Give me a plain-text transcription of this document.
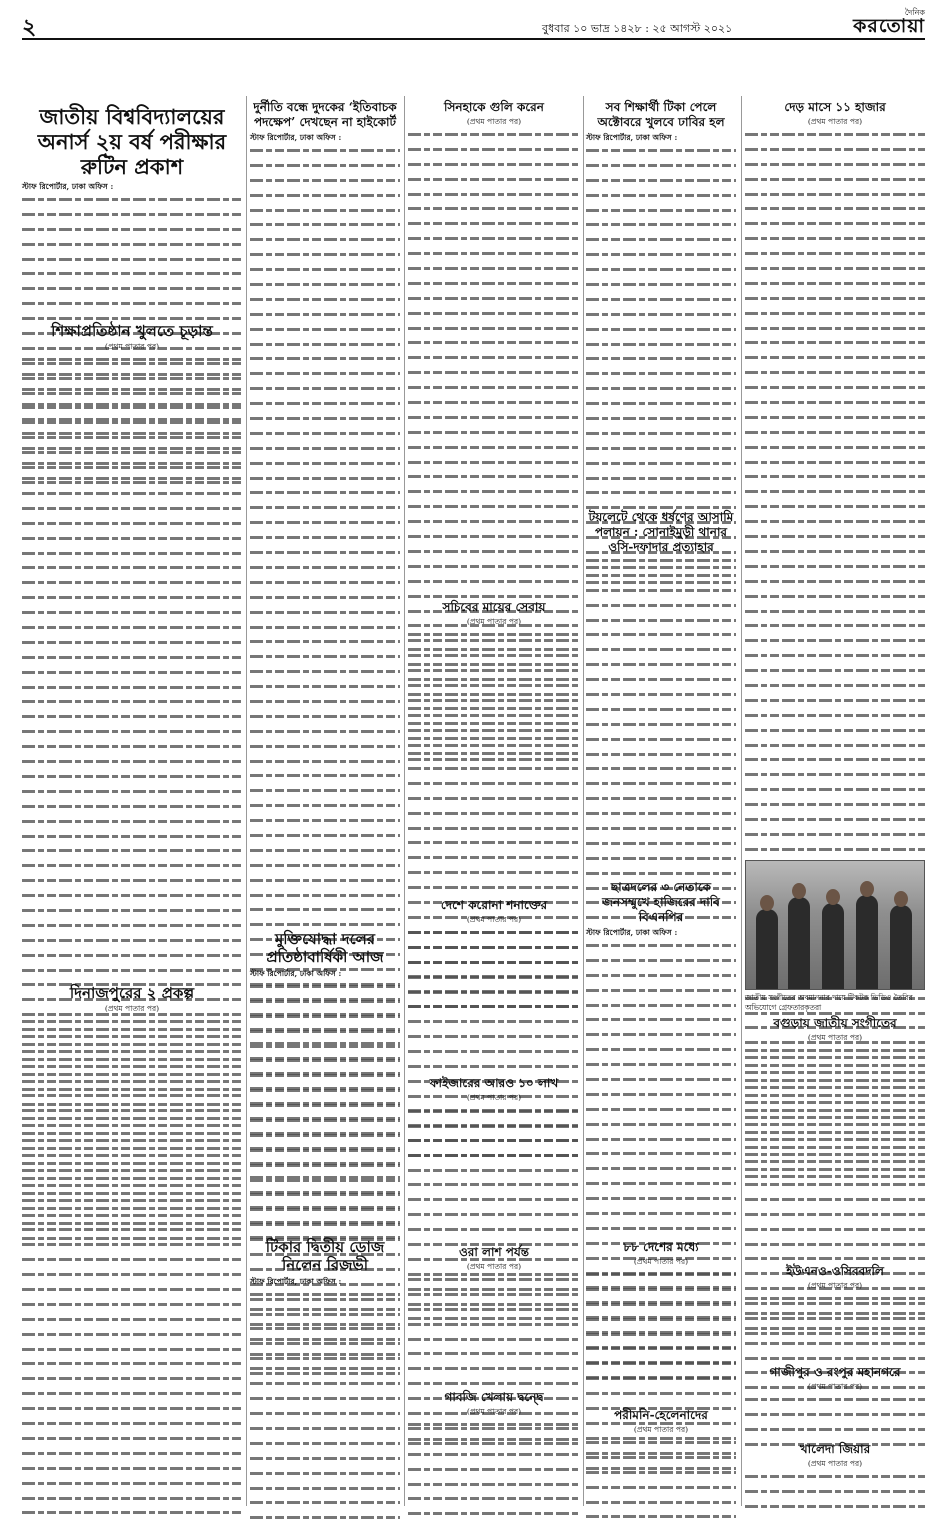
২	বুধবার ১০ ভাদ্র ১৪২৮ : ২৫ আগস্ট ২০২১
দৈনিক
করতোয়া
জাতীয় বিশ্ববিদ্যালয়ের অনার্স ২য় বর্ষ পরীক্ষার রুটিন প্রকাশ
স্টাফ রিপোর্টার, ঢাকা অফিস :
শিক্ষাপ্রতিষ্ঠান খুলতে চূড়ান্ত
(প্রথম পাতার পর)
দিনাজপুরের ২ প্রকল্প
(প্রথম পাতার পর)
দুর্নীতি বন্ধে দুদকের ‘ইতিবাচক পদক্ষেপ’ দেখছেন না হাইকোর্ট
স্টাফ রিপোর্টার, ঢাকা অফিস :
মুক্তিযোদ্ধা দলের প্রতিষ্ঠাবার্ষিকী আজ
স্টাফ রিপোর্টার, ঢাকা অফিস :
টিকার দ্বিতীয় ডোজ নিলেন রিজভী
স্টাফ রিপোর্টার, ঢাকা অফিস :
সিনহাকে গুলি করেন
(প্রথম পাতার পর)
সচিবের মায়ের সেবায়
(প্রথম পাতার পর)
দেশে করোনা শনাক্তের
(প্রথম পাতার পর)
ফাইজারের আরও ১০ লাখ
(প্রথম পাতার পর)
ওরা লাশ পর্যন্ত
(প্রথম পাতার পর)
গাবজি খেলায় দ্বন্দ্বে
(প্রথম পাতার পর)
সব শিক্ষার্থী টিকা পেলে অক্টোবরে খুলবে ঢাবির হল
স্টাফ রিপোর্টার, ঢাকা অফিস :
টয়লেটে থেকে ধর্ষণের আসামি পলায়ন : সোনাইমুড়ী থানার ওসি-দফাদার প্রত্যাহার
ছাত্রদলের ৩ নেতাকে জনসম্মুখে হাজিরের দাবি বিএনপির
স্টাফ রিপোর্টার, ঢাকা অফিস :
৮৮ দেশের মধ্যে
(প্রথম পাতার পর)
পরীমনি-হেলেনাদের
(প্রথম পাতার পর)
দেড় মাসে ১১ হাজার
(প্রথম পাতার পর)
জাতীয় সংগীতের অবমাননার দায়ে টিকটক ভিডিও তৈরির অভিযোগে গ্রেফতারকৃতরা
বগুড়ায় জাতীয় সংগীতের
(প্রথম পাতার পর)
ইউএনও-ওসিরবদলি
(প্রথম পাতার পর)
গাজীপুর ও রংপুর মহানগরে
(প্রথম পাতার পর)
খালেদা জিয়ার
(প্রথম পাতার পর)
